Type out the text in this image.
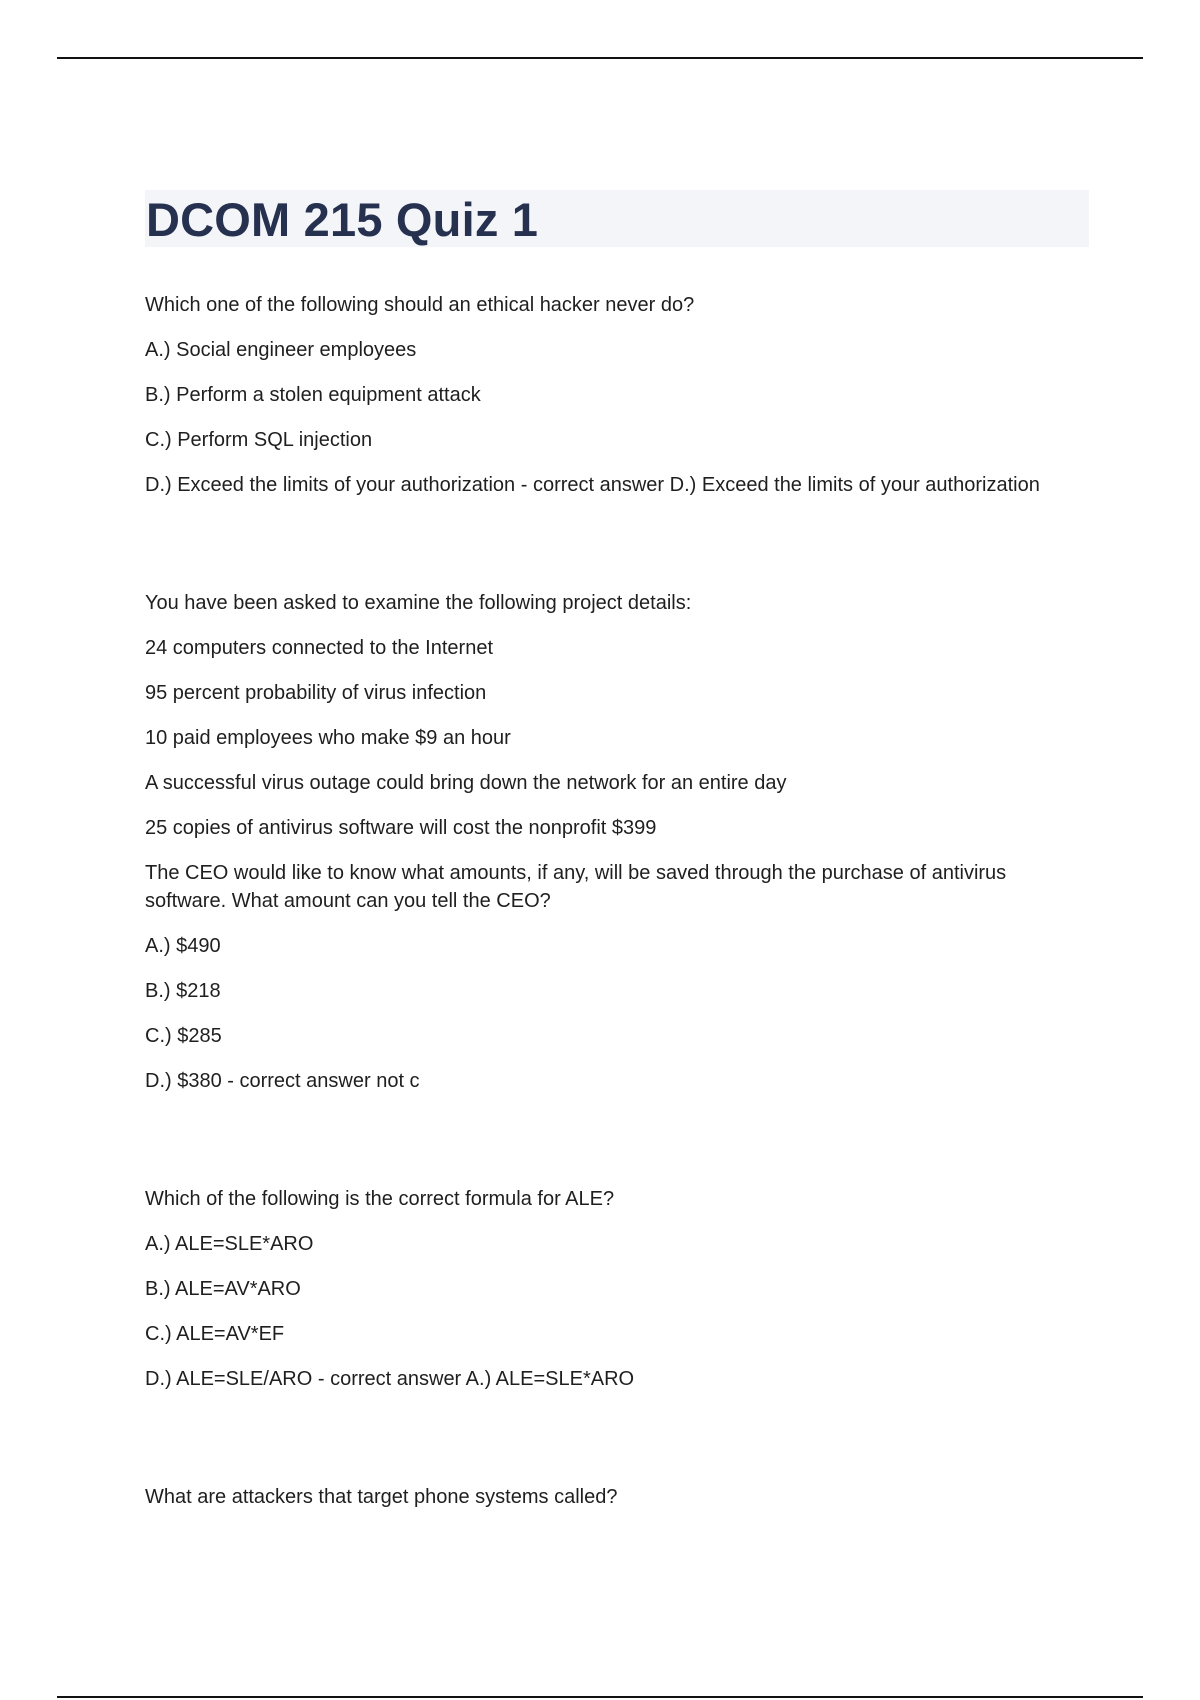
DCOM 215 Quiz 1

Which one of the following should an ethical hacker never do?

A.) Social engineer employees

B.) Perform a stolen equipment attack

C.) Perform SQL injection

D.) Exceed the limits of your authorization - correct answer D.) Exceed the limits of your authorization

You have been asked to examine the following project details:

24 computers connected to the Internet

95 percent probability of virus infection

10 paid employees who make $9 an hour

A successful virus outage could bring down the network for an entire day

25 copies of antivirus software will cost the nonprofit $399

The CEO would like to know what amounts, if any, will be saved through the purchase of antivirus software. What amount can you tell the CEO?

A.) $490

B.) $218

C.) $285

D.) $380 - correct answer not c

Which of the following is the correct formula for ALE?

A.) ALE=SLE*ARO

B.) ALE=AV*ARO

C.) ALE=AV*EF

D.) ALE=SLE/ARO - correct answer A.) ALE=SLE*ARO

What are attackers that target phone systems called?
